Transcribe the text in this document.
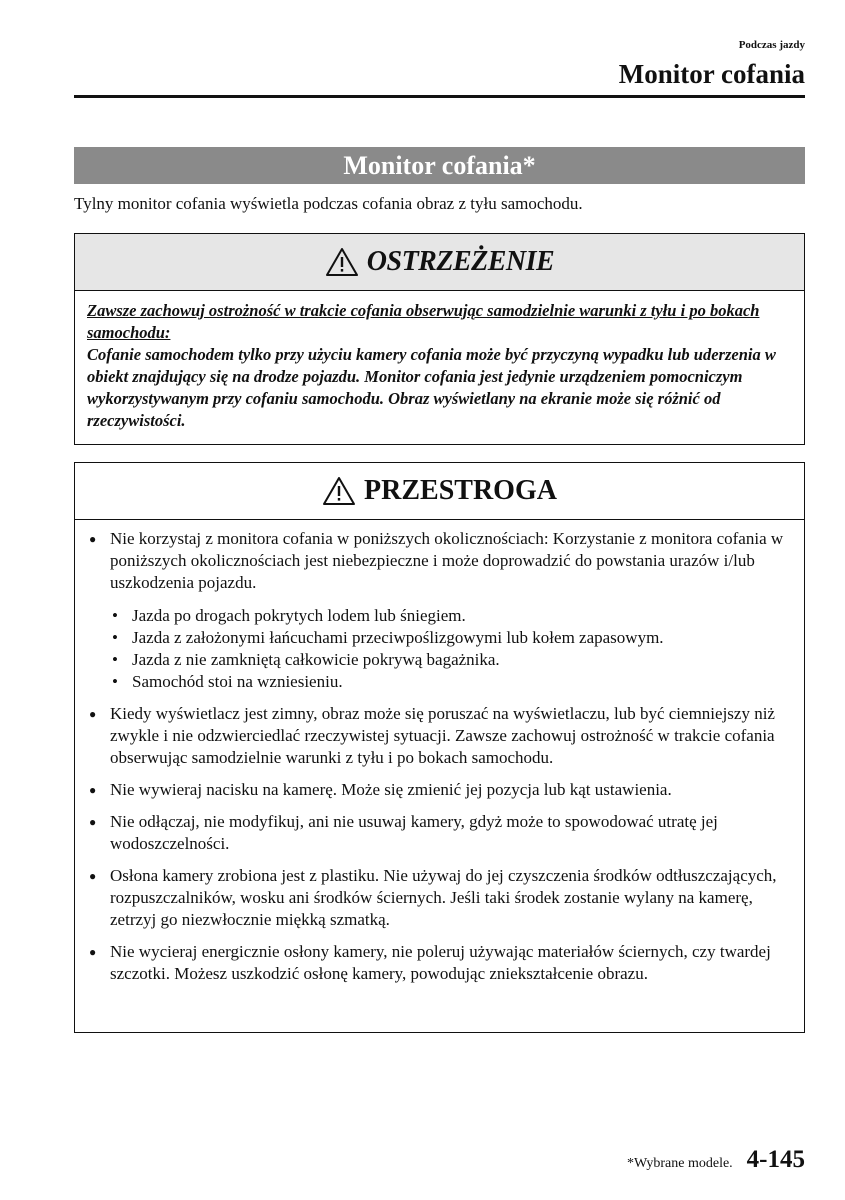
Podczas jazdy
Monitor cofania
Monitor cofania*
Tylny monitor cofania wyświetla podczas cofania obraz z tyłu samochodu.
OSTRZEŻENIE
Zawsze zachowuj ostrożność w trakcie cofania obserwując samodzielnie warunki z tyłu i po bokach samochodu:
Cofanie samochodem tylko przy użyciu kamery cofania może być przyczyną wypadku lub uderzenia w obiekt znajdujący się na drodze pojazdu. Monitor cofania jest jedynie urządzeniem pomocniczym wykorzystywanym przy cofaniu samochodu. Obraz wyświetlany na ekranie może się różnić od rzeczywistości.
PRZESTROGA
● Nie korzystaj z monitora cofania w poniższych okolicznościach: Korzystanie z monitora cofania w poniższych okolicznościach jest niebezpieczne i może doprowadzić do powstania urazów i/lub uszkodzenia pojazdu.
• Jazda po drogach pokrytych lodem lub śniegiem.
• Jazda z założonymi łańcuchami przeciwpoślizgowymi lub kołem zapasowym.
• Jazda z nie zamkniętą całkowicie pokrywą bagażnika.
• Samochód stoi na wzniesieniu.
● Kiedy wyświetlacz jest zimny, obraz może się poruszać na wyświetlaczu, lub być ciemniejszy niż zwykle i nie odzwierciedlać rzeczywistej sytuacji. Zawsze zachowuj ostrożność w trakcie cofania obserwując samodzielnie warunki z tyłu i po bokach samochodu.
● Nie wywieraj nacisku na kamerę. Może się zmienić jej pozycja lub kąt ustawienia.
● Nie odłączaj, nie modyfikuj, ani nie usuwaj kamery, gdyż może to spowodować utratę jej wodoszczelności.
● Osłona kamery zrobiona jest z plastiku. Nie używaj do jej czyszczenia środków odtłuszczających, rozpuszczalników, wosku ani środków ściernych. Jeśli taki środek zostanie wylany na kamerę, zetrzyj go niezwłocznie miękką szmatką.
● Nie wycieraj energicznie osłony kamery, nie poleruj używając materiałów ściernych, czy twardej szczotki. Możesz uszkodzić osłonę kamery, powodując zniekształcenie obrazu.
*Wybrane modele. 4-145
